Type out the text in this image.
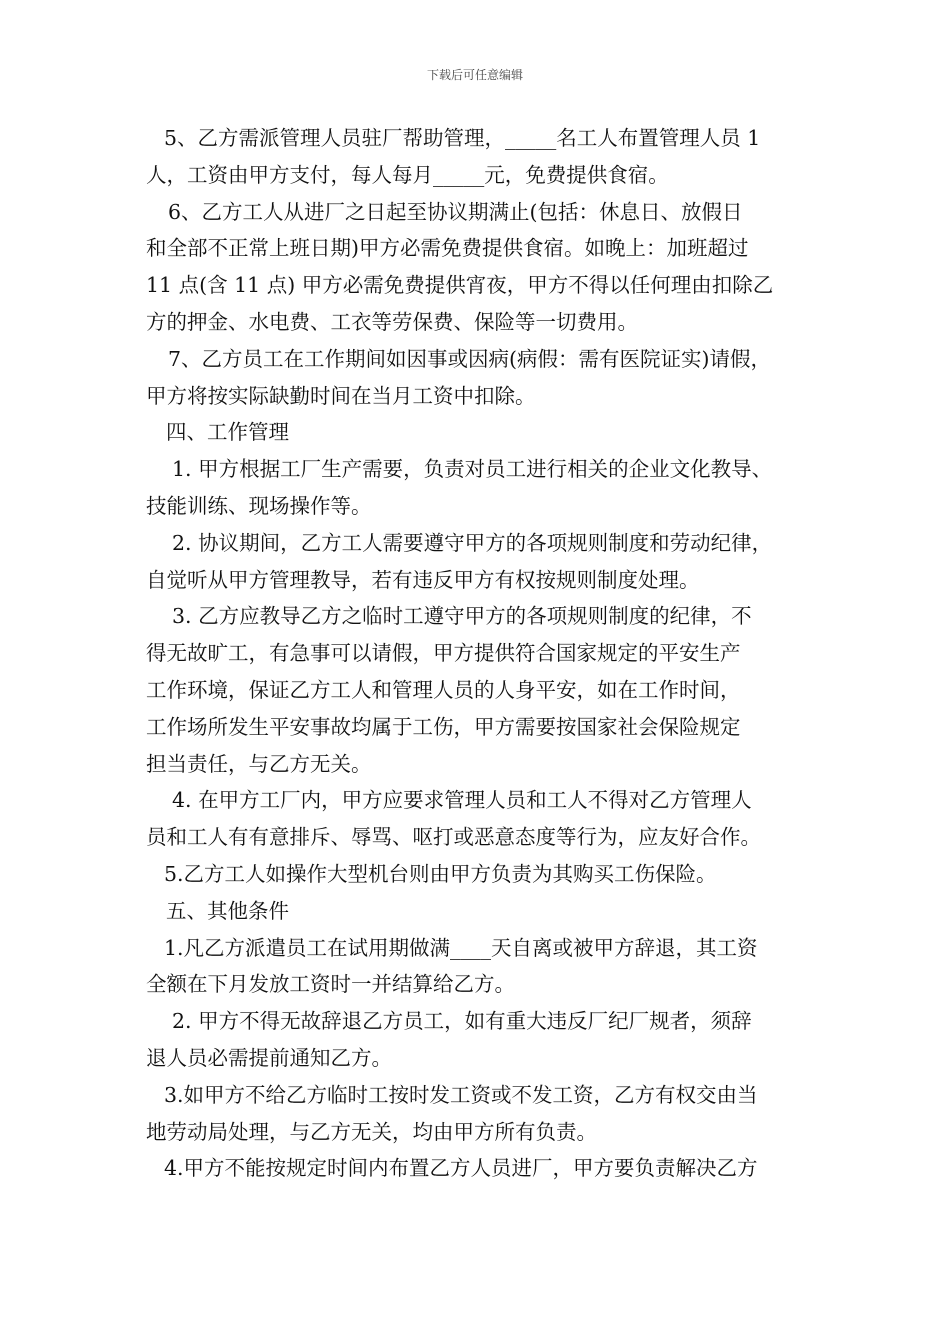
下载后可任意编辑
5、乙方需派管理人员驻厂帮助管理，_____名工人布置管理人员 1
人，工资由甲方支付，每人每月_____元，免费提供食宿。
6、乙方工人从进厂之日起至协议期满止(包括：休息日、放假日
和全部不正常上班日期)甲方必需免费提供食宿。如晚上：加班超过
11 点(含 11 点) 甲方必需免费提供宵夜，甲方不得以任何理由扣除乙
方的押金、水电费、工衣等劳保费、保险等一切费用。
7、乙方员工在工作期间如因事或因病(病假：需有医院证实)请假，
甲方将按实际缺勤时间在当月工资中扣除。
四、工作管理
1. 甲方根据工厂生产需要，负责对员工进行相关的企业文化教导、
技能训练、现场操作等。
2. 协议期间，乙方工人需要遵守甲方的各项规则制度和劳动纪律，
自觉听从甲方管理教导，若有违反甲方有权按规则制度处理。
3. 乙方应教导乙方之临时工遵守甲方的各项规则制度的纪律，不
得无故旷工，有急事可以请假，甲方提供符合国家规定的平安生产
工作环境，保证乙方工人和管理人员的人身平安，如在工作时间，
工作场所发生平安事故均属于工伤，甲方需要按国家社会保险规定
担当责任，与乙方无关。
4. 在甲方工厂内，甲方应要求管理人员和工人不得对乙方管理人
员和工人有有意排斥、辱骂、呕打或恶意态度等行为，应友好合作。
5.乙方工人如操作大型机台则由甲方负责为其购买工伤保险。
五、其他条件
1.凡乙方派遣员工在试用期做满____天自离或被甲方辞退，其工资
全额在下月发放工资时一并结算给乙方。
2. 甲方不得无故辞退乙方员工，如有重大违反厂纪厂规者，须辞
退人员必需提前通知乙方。
3.如甲方不给乙方临时工按时发工资或不发工资，乙方有权交由当
地劳动局处理，与乙方无关，均由甲方所有负责。
4.甲方不能按规定时间内布置乙方人员进厂，甲方要负责解决乙方
